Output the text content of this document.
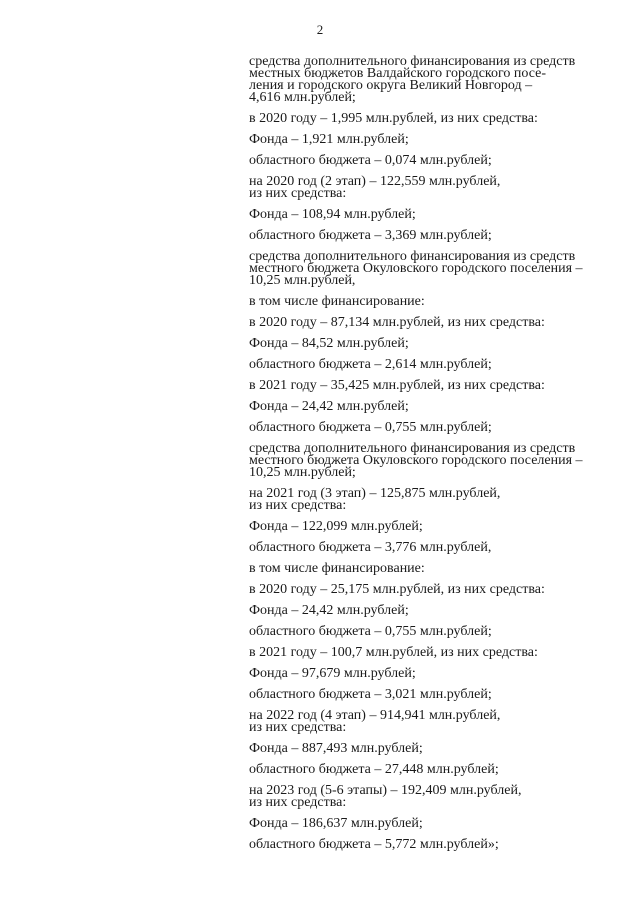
2

средства дополнительного финансирования из средств
местных бюджетов Валдайского городского посе-
ления и городского округа Великий Новгород –
4,616 млн.рублей;

в 2020 году – 1,995 млн.рублей, из них средства:

Фонда – 1,921 млн.рублей;

областного бюджета – 0,074 млн.рублей;

на 2020 год (2 этап) – 122,559 млн.рублей,
из них средства:

Фонда – 108,94 млн.рублей;

областного бюджета – 3,369 млн.рублей;

средства дополнительного финансирования из средств
местного бюджета Окуловского городского поселения –
10,25 млн.рублей,

в том числе финансирование:

в 2020 году – 87,134 млн.рублей, из них средства:

Фонда – 84,52 млн.рублей;

областного бюджета – 2,614 млн.рублей;

в 2021 году – 35,425 млн.рублей, из них средства:

Фонда – 24,42 млн.рублей;

областного бюджета – 0,755 млн.рублей;

средства дополнительного финансирования из средств
местного бюджета Окуловского городского поселения –
10,25 млн.рублей;

на 2021 год (3 этап) – 125,875 млн.рублей,
из них средства:

Фонда – 122,099 млн.рублей;

областного бюджета – 3,776 млн.рублей,

в том числе финансирование:

в 2020 году – 25,175 млн.рублей, из них средства:

Фонда – 24,42 млн.рублей;

областного бюджета – 0,755 млн.рублей;

в 2021 году – 100,7 млн.рублей, из них средства:

Фонда – 97,679 млн.рублей;

областного бюджета – 3,021 млн.рублей;

на 2022 год (4 этап) – 914,941 млн.рублей,
из них средства:

Фонда – 887,493 млн.рублей;

областного бюджета – 27,448 млн.рублей;

на 2023 год (5-6 этапы) – 192,409 млн.рублей,
из них средства:

Фонда – 186,637 млн.рублей;

областного бюджета – 5,772 млн.рублей»;
